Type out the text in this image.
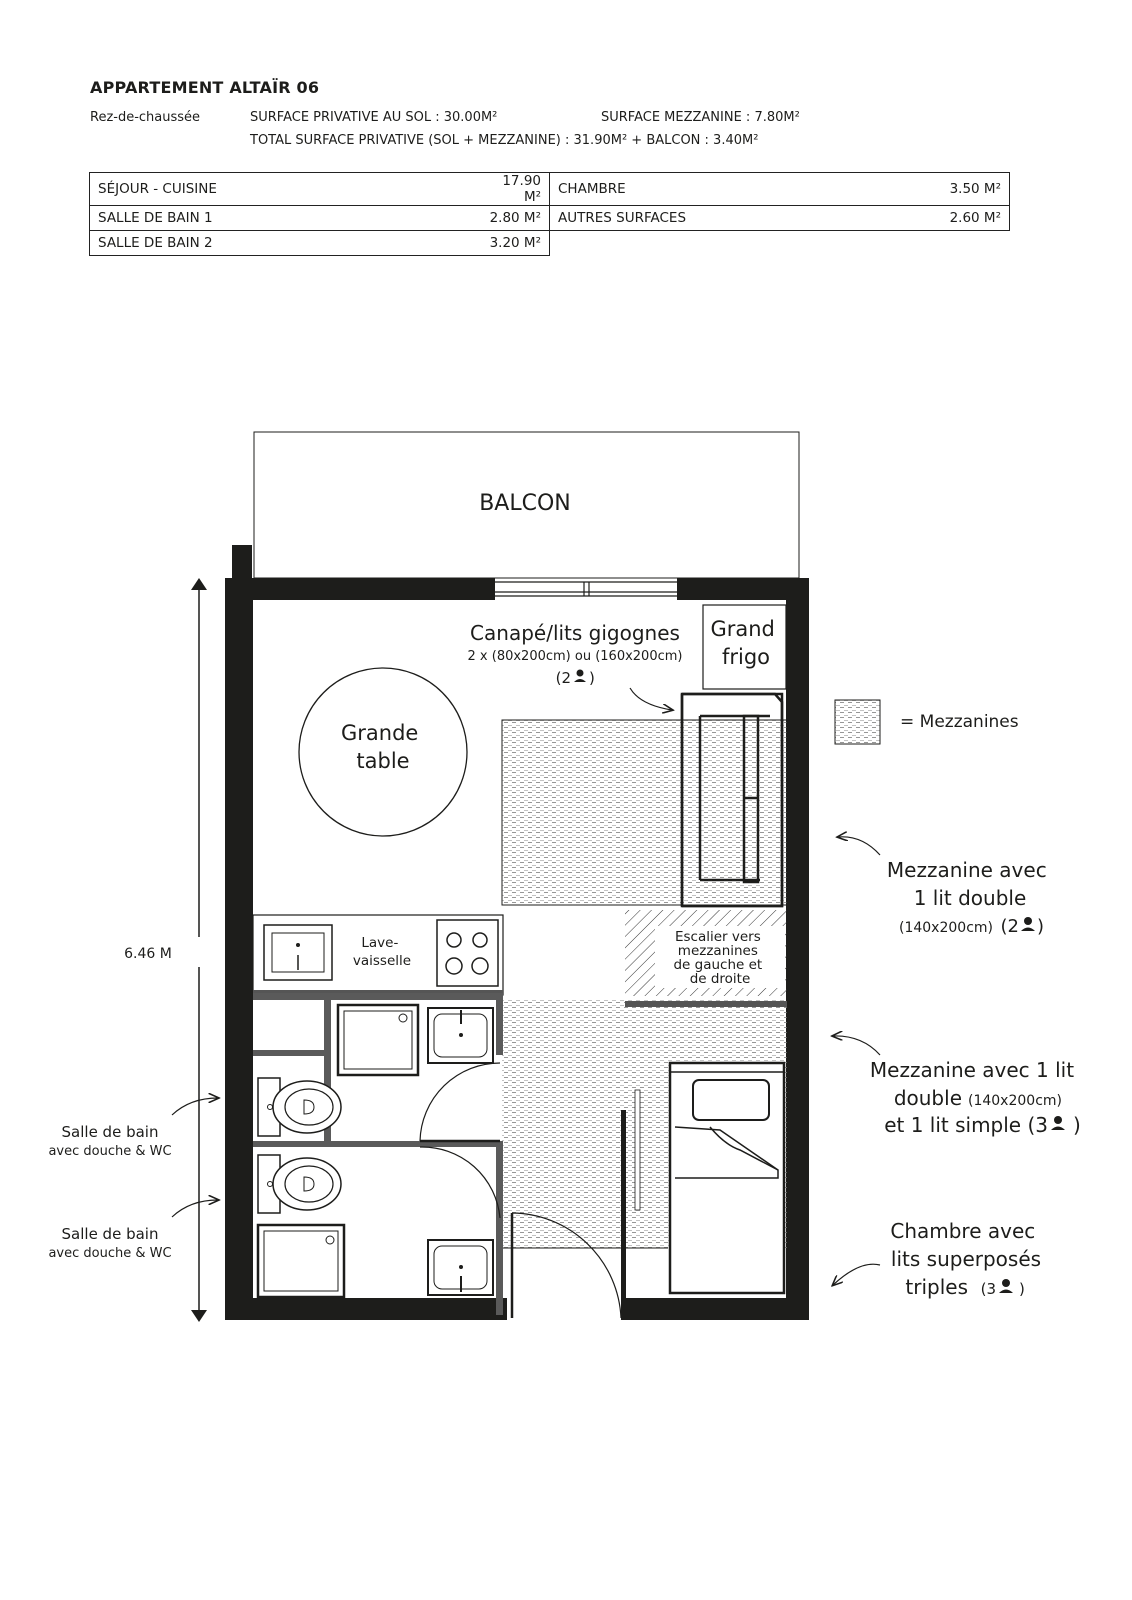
APPARTEMENT ALTAÏR 06
Rez-de-chaussée	SURFACE PRIVATIVE AU SOL : 30.00M²	SURFACE MEZZANINE : 7.80M²
TOTAL SURFACE PRIVATIVE (SOL + MEZZANINE) : 31.90M² + BALCON : 3.40M²
SÉJOUR - CUISINE	17.90 M²	CHAMBRE	3.50 M²
SALLE DE BAIN 1	2.80 M²	AUTRES SURFACES	2.60 M²
SALLE DE BAIN 2	3.20 M²		
BALCON
6.46 M
Escalier vers mezzanines de gauche et de droite
Grande table
Grand frigo
Canapé/lits gigognes
2 x (80x200cm) ou (160x200cm)
(2 )
Lave- vaisselle
= Mezzanines
Mezzanine avec 1 lit double
(140x200cm) (2 )
Mezzanine avec 1 lit
double (140x200cm)
et 1 lit simple (3 )
Chambre avec lits superposés
triples (3 )
Salle de bain
avec douche & WC
Salle de bain
avec douche & WC
